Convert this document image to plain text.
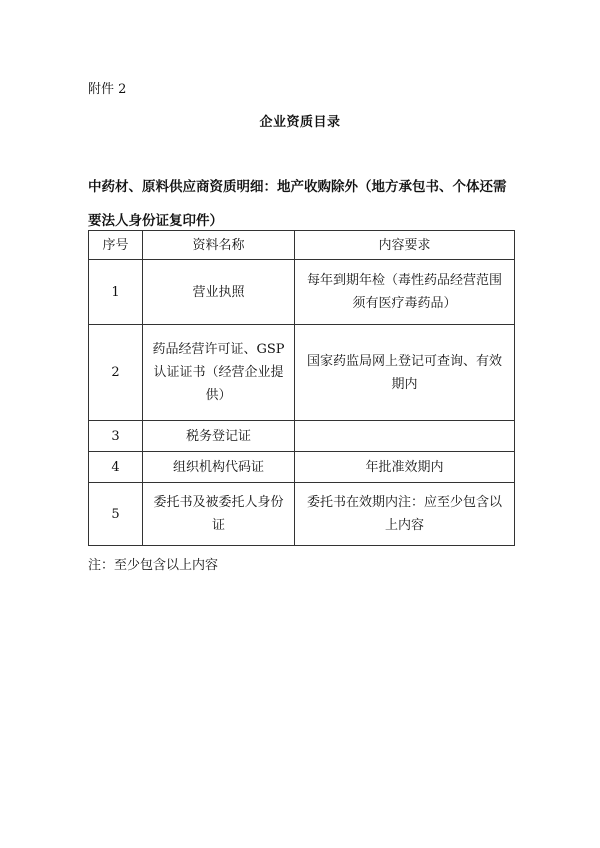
附件 2
企业资质目录
中药材、原料供应商资质明细：地产收购除外（地方承包书、个体还需要法人身份证复印件）
序号	资料名称	内容要求
1	营业执照	每年到期年检（毒性药品经营范围须有医疗毒药品）
2	药品经营许可证、GSP认证证书（经营企业提供）	国家药监局网上登记可查询、有效期内
3	税务登记证	
4	组织机构代码证	年批准效期内
5	委托书及被委托人身份证	委托书在效期内注：应至少包含以上内容
注：至少包含以上内容
